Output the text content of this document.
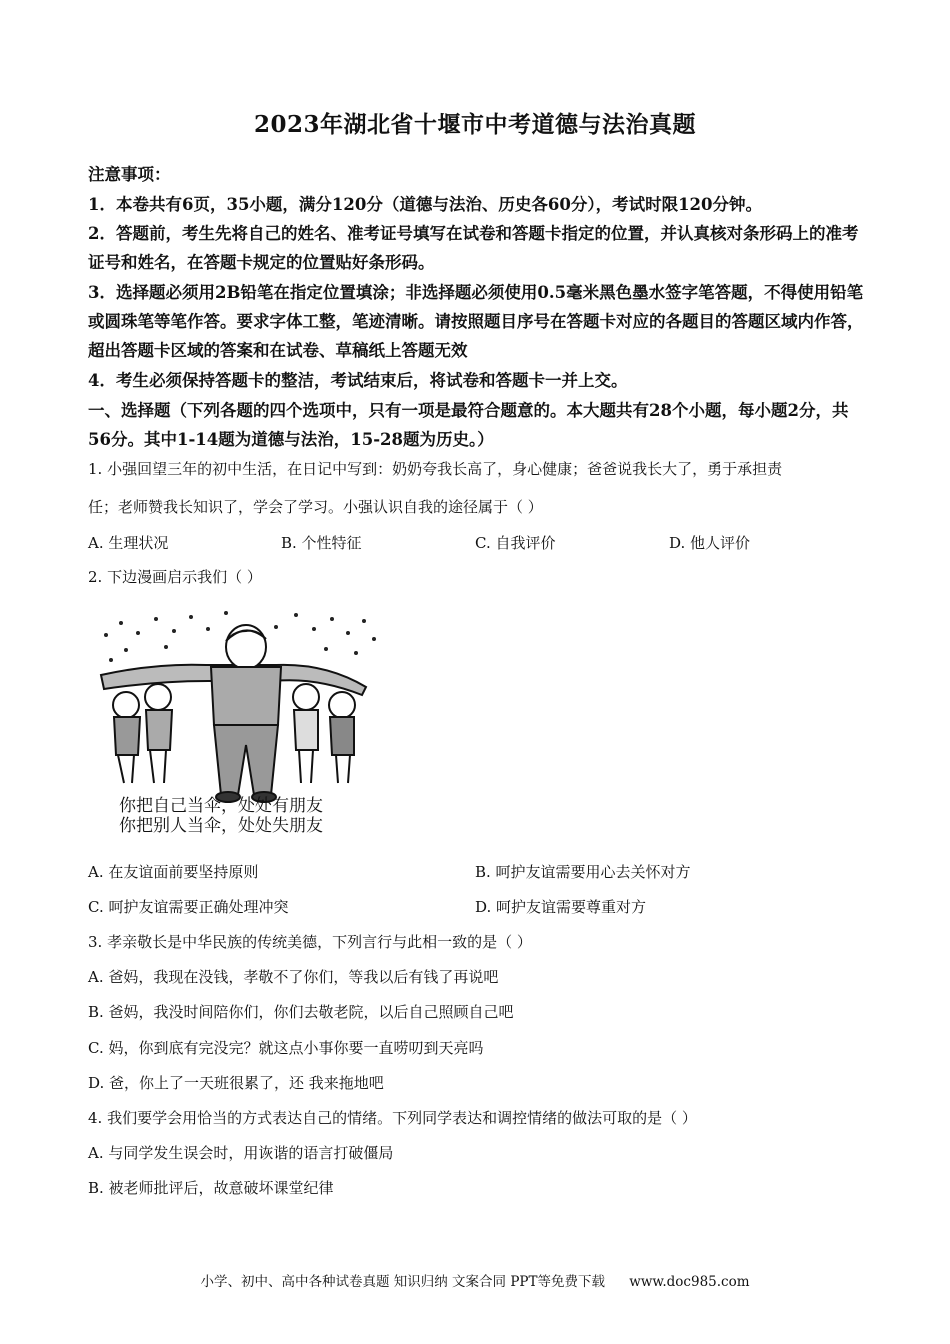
2023年湖北省十堰市中考道德与法治真题
注意事项：
1．本卷共有6页，35小题，满分120分（道德与法治、历史各60分），考试时限120分钟。
2．答题前，考生先将自己的姓名、准考证号填写在试卷和答题卡指定的位置，并认真核对条形码上的准考证号和姓名，在答题卡规定的位置贴好条形码。
3．选择题必须用2B铅笔在指定位置填涂；非选择题必须使用0.5毫米黑色墨水签字笔答题，不得使用铅笔或圆珠笔等笔作答。要求字体工整，笔迹清晰。请按照题目序号在答题卡对应的各题目的答题区域内作答，超出答题卡区域的答案和在试卷、草稿纸上答题无效
4．考生必须保持答题卡的整洁，考试结束后，将试卷和答题卡一并上交。
一、选择题（下列各题的四个选项中，只有一项是最符合题意的。本大题共有28个小题，每小题2分，共56分。其中1-14题为道德与法治，15-28题为历史。）
1. 小强回望三年的初中生活，在日记中写到：奶奶夸我长高了，身心健康；爸爸说我长大了，勇于承担责
任；老师赞我长知识了，学会了学习。小强认识自我的途径属于（ ）
A. 生理状况	B. 个性特征	C. 自我评价	D. 他人评价
2. 下边漫画启示我们（ ）
你把自己当伞，处处有朋友
你把别人当伞，处处失朋友
A. 在友谊面前要坚持原则	B. 呵护友谊需要用心去关怀对方
C. 呵护友谊需要正确处理冲突	D. 呵护友谊需要尊重对方
3. 孝亲敬长是中华民族的传统美德，下列言行与此相一致的是（ ）
A. 爸妈，我现在没钱，孝敬不了你们，等我以后有钱了再说吧
B. 爸妈，我没时间陪你们，你们去敬老院，以后自己照顾自己吧
C. 妈，你到底有完没完？就这点小事你要一直唠叨到天亮吗
D. 爸，你上了一天班很累了，还 我来拖地吧
4. 我们要学会用恰当的方式表达自己的情绪。下列同学表达和调控情绪的做法可取的是（ ）
A. 与同学发生误会时，用诙谐的语言打破僵局
B. 被老师批评后，故意破坏课堂纪律
小学、初中、高中各种试卷真题 知识归纳 文案合同 PPT等免费下载 www.doc985.com
